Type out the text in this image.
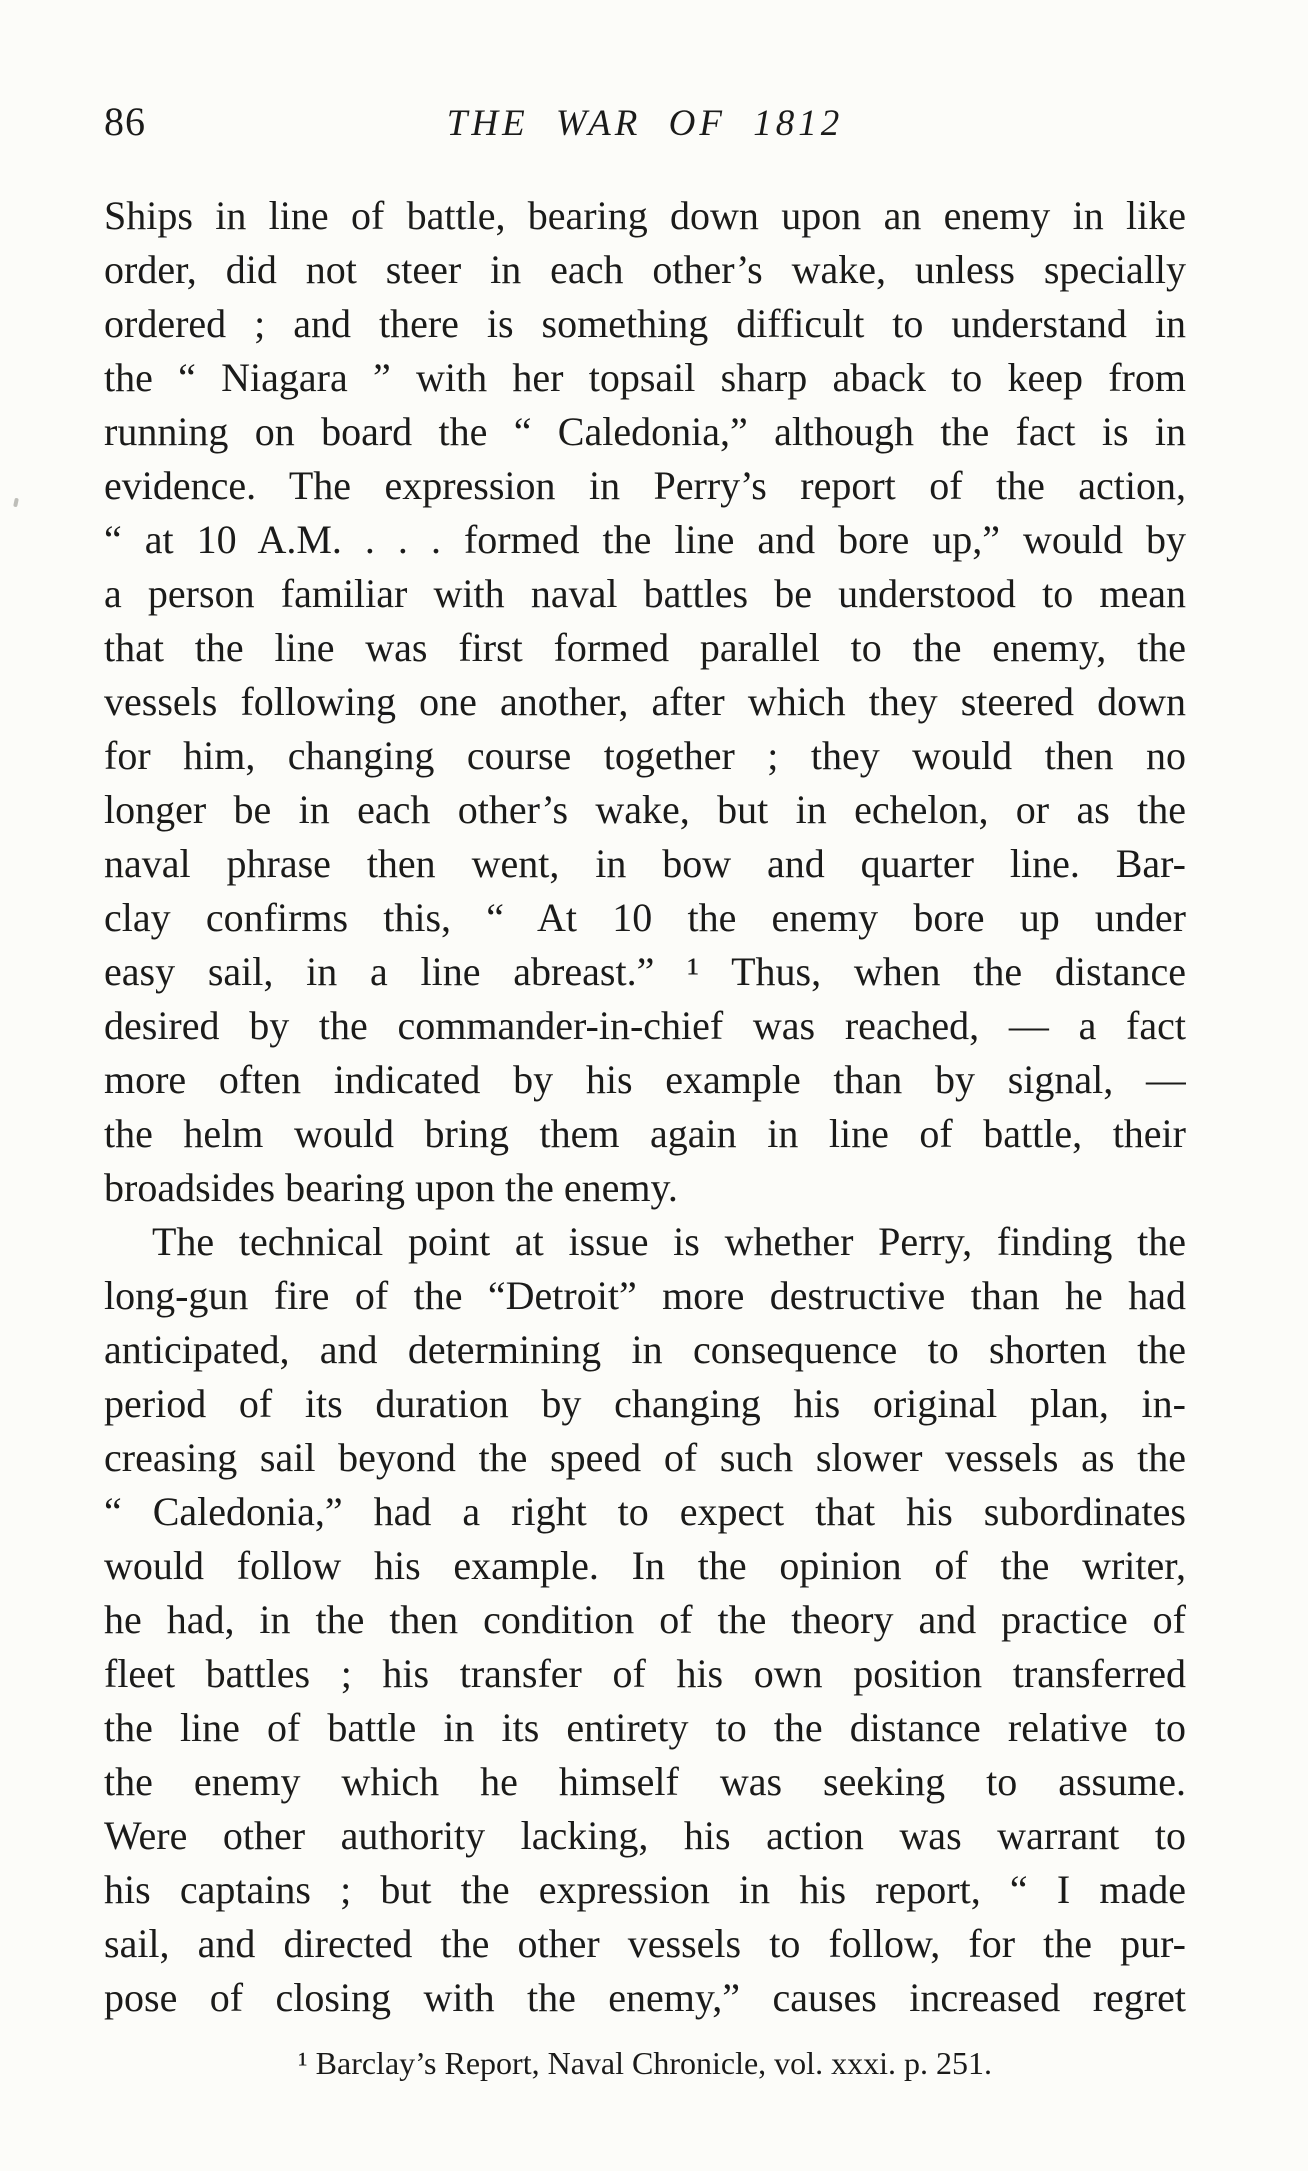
86	THE WAR OF 1812
Ships in line of battle, bearing down upon an enemy in like
order, did not steer in each other’s wake, unless specially
ordered ; and there is something difficult to understand in
the “ Niagara ” with her topsail sharp aback to keep from
running on board the “ Caledonia,” although the fact is in
evidence. The expression in Perry’s report of the action,
“ at 10 A.M. . . . formed the line and bore up,” would by
a person familiar with naval battles be understood to mean
that the line was first formed parallel to the enemy, the
vessels following one another, after which they steered down
for him, changing course together ; they would then no
longer be in each other’s wake, but in echelon, or as the
naval phrase then went, in bow and quarter line. Bar-
clay confirms this, “ At 10 the enemy bore up under
easy sail, in a line abreast.” ¹ Thus, when the distance
desired by the commander-in-chief was reached, — a fact
more often indicated by his example than by signal, —
the helm would bring them again in line of battle, their
broadsides bearing upon the enemy.
The technical point at issue is whether Perry, finding the
long-gun fire of the “Detroit” more destructive than he had
anticipated, and determining in consequence to shorten the
period of its duration by changing his original plan, in-
creasing sail beyond the speed of such slower vessels as the
“ Caledonia,” had a right to expect that his subordinates
would follow his example. In the opinion of the writer,
he had, in the then condition of the theory and practice of
fleet battles ; his transfer of his own position transferred
the line of battle in its entirety to the distance relative to
the enemy which he himself was seeking to assume.
Were other authority lacking, his action was warrant to
his captains ; but the expression in his report, “ I made
sail, and directed the other vessels to follow, for the pur-
pose of closing with the enemy,” causes increased regret
¹ Barclay’s Report, Naval Chronicle, vol. xxxi. p. 251.
